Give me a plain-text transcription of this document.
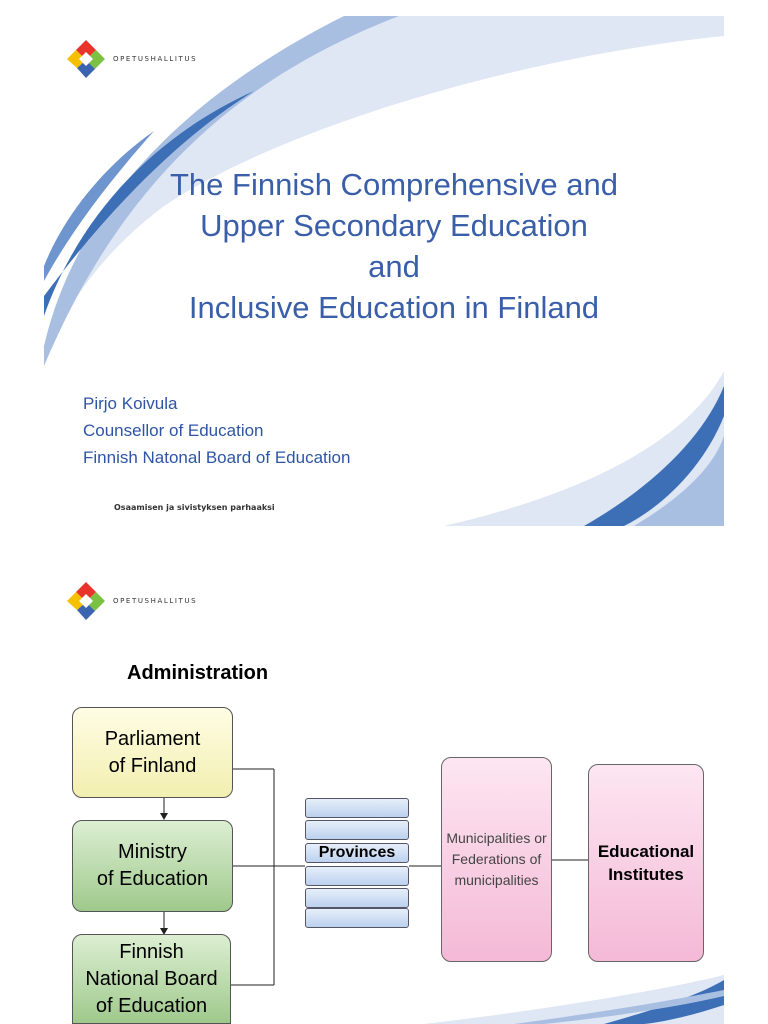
OPETUSHALLITUS
The Finnish Comprehensive and
Upper Secondary Education
and
Inclusive Education in Finland
Pirjo Koivula
Counsellor of Education
Finnish Natonal Board of Education
Osaamisen ja sivistyksen parhaaksi
OPETUSHALLITUS
Administration
Parliament
of Finland
Ministry
of Education
Finnish
National Board
of Education
Provinces
Municipalities or
Federations of
municipalities
Educational
Institutes
